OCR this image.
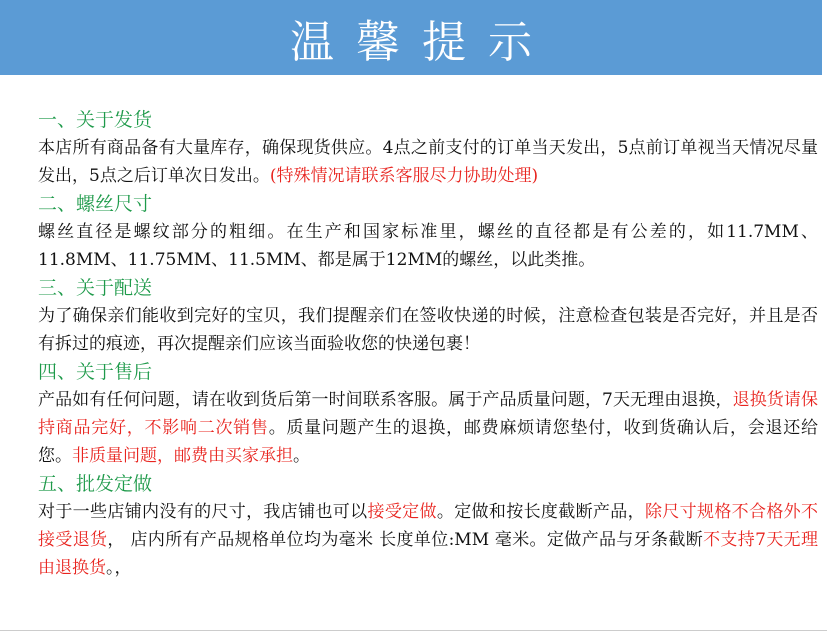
温馨提示

一、关于发货

本店所有商品备有大量库存，确保现货供应。4点之前支付的订单当天发出，5点前订单视当天情况尽量发出，5点之后订单次日发出。(特殊情况请联系客服尽力协助处理)

二、螺丝尺寸

螺丝直径是螺纹部分的粗细。在生产和国家标准里，螺丝的直径都是有公差的，如11.7MM、 11.8MM、11.75MM、11.5MM、都是属于12MM的螺丝，以此类推。

三、关于配送

为了确保亲们能收到完好的宝贝，我们提醒亲们在签收快递的时候，注意检查包装是否完好，并且是否有拆过的痕迹，再次提醒亲们应该当面验收您的快递包裹！

四、关于售后

产品如有任何问题，请在收到货后第一时间联系客服。属于产品质量问题，7天无理由退换，退换货请保持商品完好，不影响二次销售。质量问题产生的退换，邮费麻烦请您垫付，收到货确认后，会退还给您。非质量问题，邮费由买家承担。

五、批发定做

对于一些店铺内没有的尺寸，我店铺也可以接受定做。定做和按长度截断产品，除尺寸规格不合格外不接受退货， 店内所有产品规格单位均为毫米 长度单位:MM 毫米。定做产品与牙条截断不支持7天无理由退换货。，
